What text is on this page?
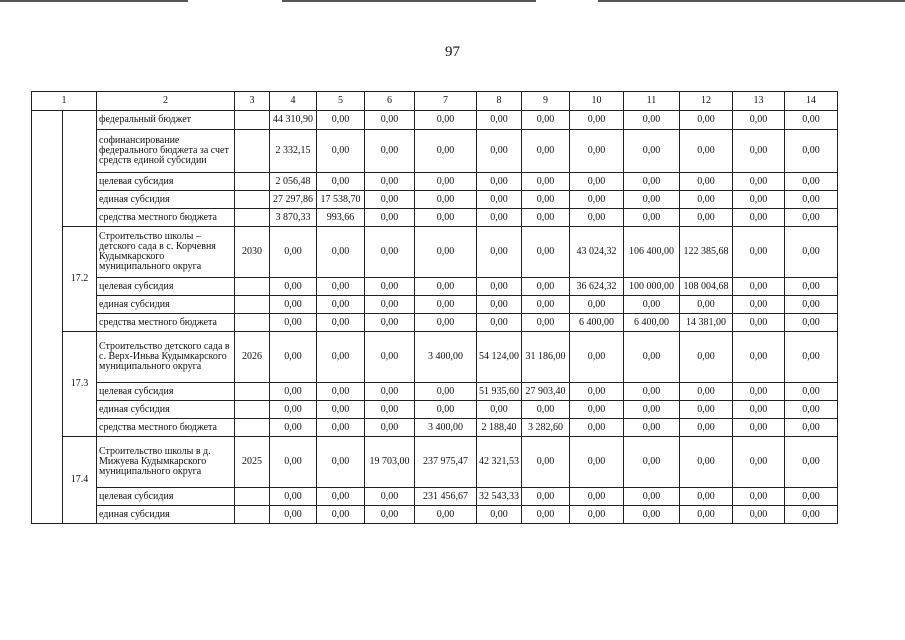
97
1		2	3	4	5	6	7	8	9	10	11	12	13	14
		федеральный бюджет		44 310,90	0,00	0,00	0,00	0,00	0,00	0,00	0,00	0,00	0,00	0,00
		софинансирование федерального бюджета за счет средств единой субсидии		2 332,15	0,00	0,00	0,00	0,00	0,00	0,00	0,00	0,00	0,00	0,00
		целевая субсидия		2 056,48	0,00	0,00	0,00	0,00	0,00	0,00	0,00	0,00	0,00	0,00
		единая субсидия		27 297,86	17 538,70	0,00	0,00	0,00	0,00	0,00	0,00	0,00	0,00	0,00
		средства местного бюджета		3 870,33	993,66	0,00	0,00	0,00	0,00	0,00	0,00	0,00	0,00	0,00
	17.2	Строительство школы – детского сада в с. Корчевня Кудымкарского муниципального округа	2030	0,00	0,00	0,00	0,00	0,00	0,00	43 024,32	106 400,00	122 385,68	0,00	0,00
		целевая субсидия		0,00	0,00	0,00	0,00	0,00	0,00	36 624,32	100 000,00	108 004,68	0,00	0,00
		единая субсидия		0,00	0,00	0,00	0,00	0,00	0,00	0,00	0,00	0,00	0,00	0,00
		средства местного бюджета		0,00	0,00	0,00	0,00	0,00	0,00	6 400,00	6 400,00	14 381,00	0,00	0,00
	17.3	Строительство детского сада в с. Верх-Иньва Кудымкарского муниципального округа	2026	0,00	0,00	0,00	3 400,00	54 124,00	31 186,00	0,00	0,00	0,00	0,00	0,00
		целевая субсидия		0,00	0,00	0,00	0,00	51 935,60	27 903,40	0,00	0,00	0,00	0,00	0,00
		единая субсидия		0,00	0,00	0,00	0,00	0,00	0,00	0,00	0,00	0,00	0,00	0,00
		средства местного бюджета		0,00	0,00	0,00	3 400,00	2 188,40	3 282,60	0,00	0,00	0,00	0,00	0,00
	17.4	Строительство школы в д. Мижуева Кудымкарского муниципального округа	2025	0,00	0,00	19 703,00	237 975,47	42 321,53	0,00	0,00	0,00	0,00	0,00	0,00
		целевая субсидия		0,00	0,00	0,00	231 456,67	32 543,33	0,00	0,00	0,00	0,00	0,00	0,00
		единая субсидия		0,00	0,00	0,00	0,00	0,00	0,00	0,00	0,00	0,00	0,00	0,00
